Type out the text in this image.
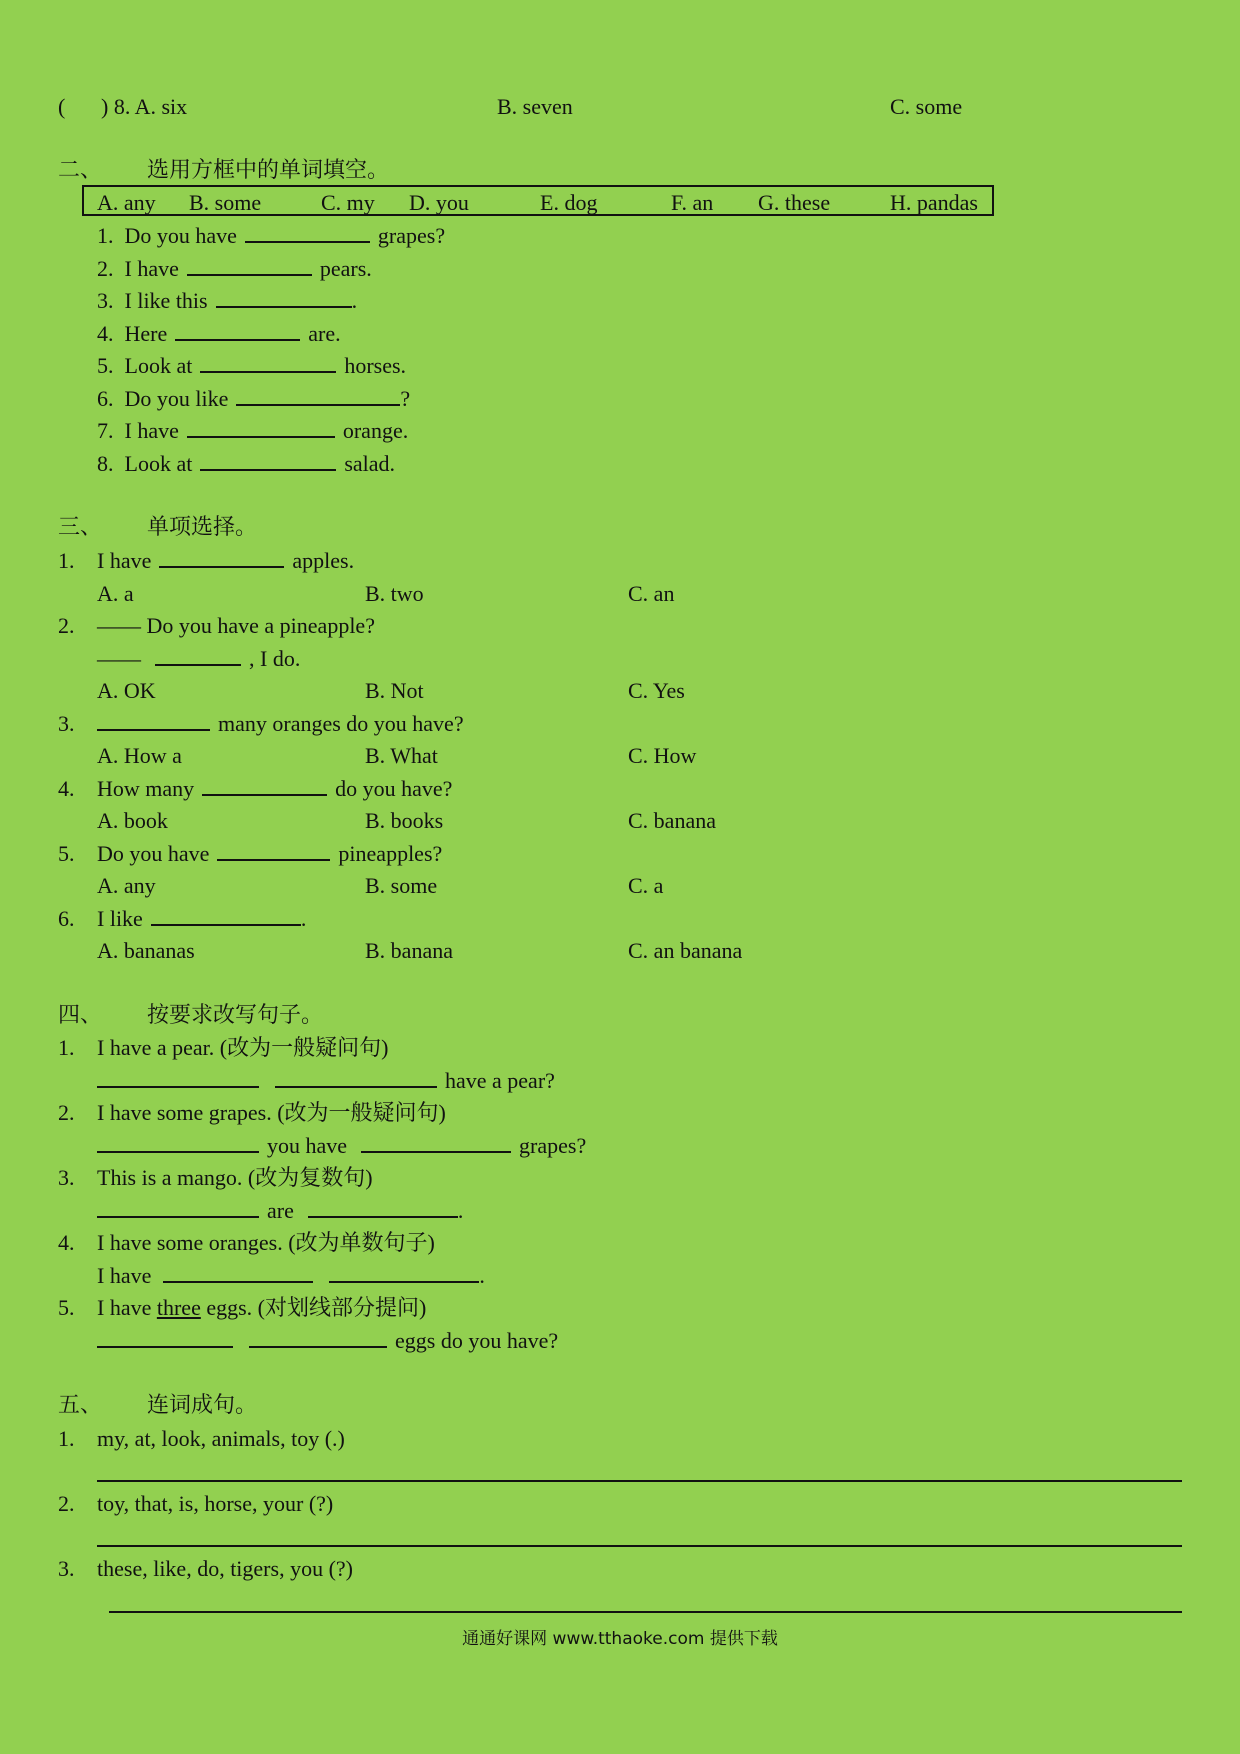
( ) 8. A. six	B. seven	C. some
二、 选用方框中的单词填空。
A. any B. some	C. my D. you	E. dog	F. an G. these	H. pandas
1. Do you have	grapes?
2. I have	pears.
3. I like this	.
4. Here	are.
5. Look at	horses.
6. Do you like	?
7. I have	orange.
8. Look at	salad.
三、 单项选择。
1. I have	apples.
A. a	B. two	C. an
2. —— Do you have a pineapple?
——	, I do.
A. OK	B. Not	C. Yes
3.	many oranges do you have?
A. How a	B. What	C. How
4. How many	do you have?
A. book	B. books	C. banana
5. Do you have	pineapples?
A. any	B. some	C. a
6. I like	.
A. bananas	B. banana	C. an banana
四、 按要求改写句子。
1. I have a pear. (改为一般疑问句)
have a pear?
2. I have some grapes. (改为一般疑问句)
you have	grapes?
3. This is a mango. (改为复数句)
are	.
4. I have some oranges. (改为单数句子)
I have	.
5. I have three eggs. (对划线部分提问)
eggs do you have?
五、 连词成句。
1. my, at, look, animals, toy (.)
2. toy, that, is, horse, your (?)
3. these, like, do, tigers, you (?)
通通好课网 www.tthaoke.com 提供下载
